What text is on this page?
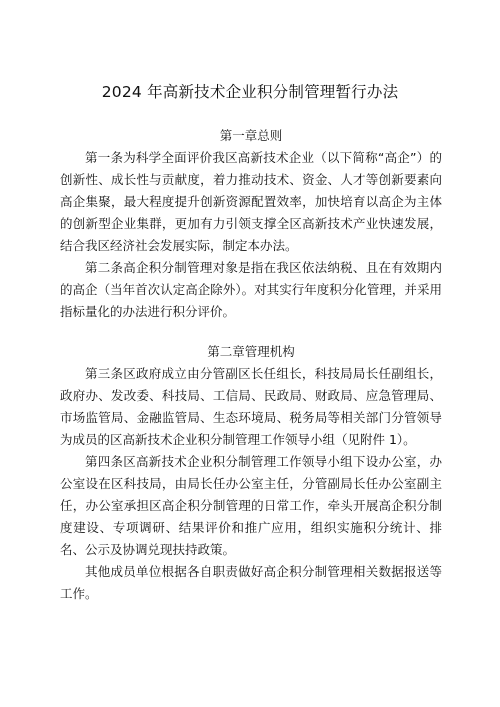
2024 年高新技术企业积分制管理暂行办法

第一章总则

第一条为科学全面评价我区高新技术企业（以下简称“高企”）的创新性、成长性与贡献度，着力推动技术、资金、人才等创新要素向高企集聚，最大程度提升创新资源配置效率，加快培育以高企为主体的创新型企业集群，更加有力引领支撑全区高新技术产业快速发展，结合我区经济社会发展实际，制定本办法。

第二条高企积分制管理对象是指在我区依法纳税、且在有效期内的高企（当年首次认定高企除外）。对其实行年度积分化管理，并采用指标量化的办法进行积分评价。

第二章管理机构

第三条区政府成立由分管副区长任组长，科技局局长任副组长，政府办、发改委、科技局、工信局、民政局、财政局、应急管理局、市场监管局、金融监管局、生态环境局、税务局等相关部门分管领导为成员的区高新技术企业积分制管理工作领导小组（见附件 1）。

第四条区高新技术企业积分制管理工作领导小组下设办公室，办公室设在区科技局，由局长任办公室主任，分管副局长任办公室副主任，办公室承担区高企积分制管理的日常工作，牵头开展高企积分制度建设、专项调研、结果评价和推广应用，组织实施积分统计、排名、公示及协调兑现扶持政策。

其他成员单位根据各自职责做好高企积分制管理相关数据报送等工作。
